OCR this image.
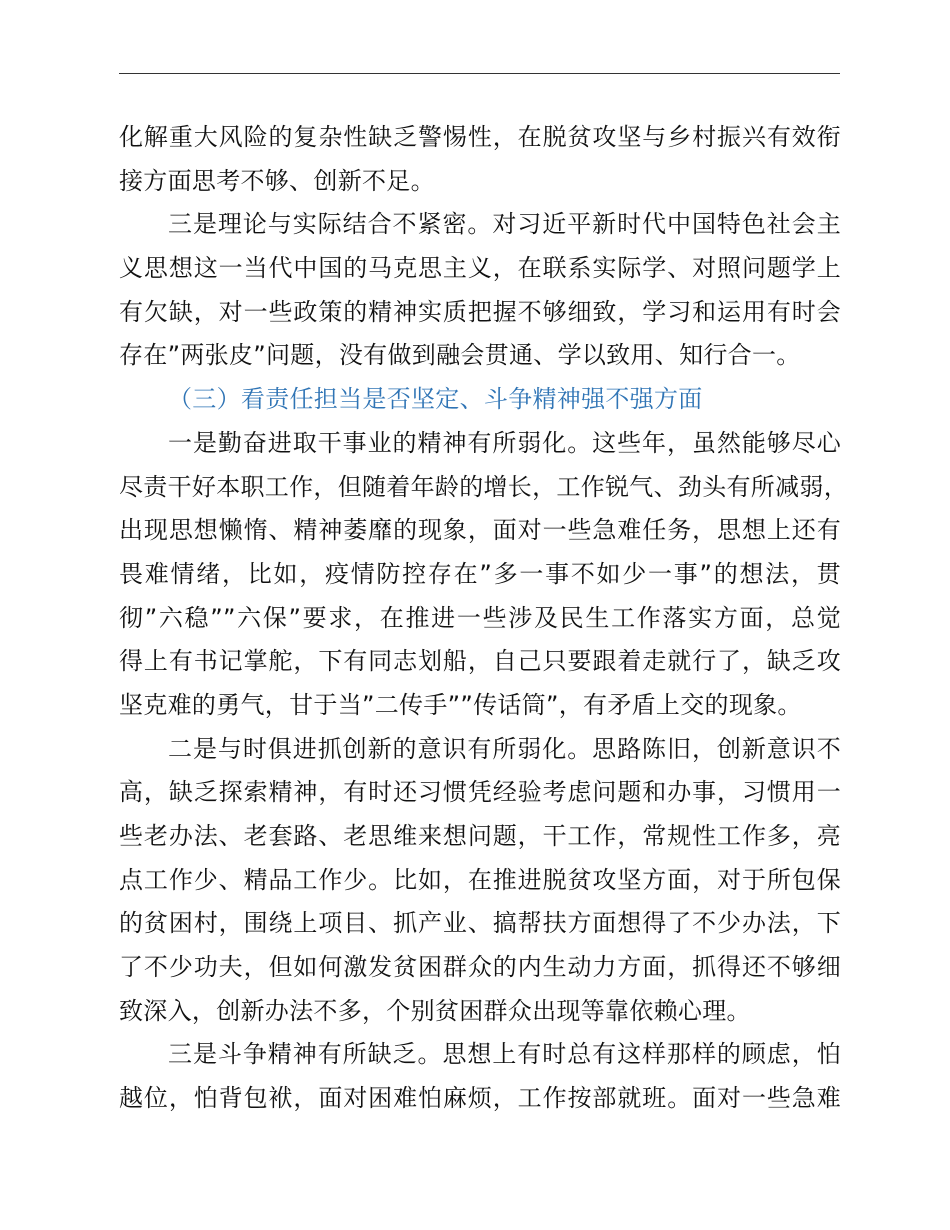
化解重大风险的复杂性缺乏警惕性，在脱贫攻坚与乡村振兴有效衔
接方面思考不够、创新不足。
三是理论与实际结合不紧密。对习近平新时代中国特色社会主
义思想这一当代中国的马克思主义，在联系实际学、对照问题学上
有欠缺，对一些政策的精神实质把握不够细致，学习和运用有时会
存在”两张皮”问题，没有做到融会贯通、学以致用、知行合一。
（三）看责任担当是否坚定、斗争精神强不强方面
一是勤奋进取干事业的精神有所弱化。这些年，虽然能够尽心
尽责干好本职工作，但随着年龄的增长，工作锐气、劲头有所减弱，
出现思想懒惰、精神萎靡的现象，面对一些急难任务，思想上还有
畏难情绪，比如，疫情防控存在”多一事不如少一事”的想法，贯
彻”六稳””六保”要求，在推进一些涉及民生工作落实方面，总觉
得上有书记掌舵，下有同志划船，自己只要跟着走就行了，缺乏攻
坚克难的勇气，甘于当”二传手””传话筒”，有矛盾上交的现象。
二是与时俱进抓创新的意识有所弱化。思路陈旧，创新意识不
高，缺乏探索精神，有时还习惯凭经验考虑问题和办事，习惯用一
些老办法、老套路、老思维来想问题，干工作，常规性工作多，亮
点工作少、精品工作少。比如，在推进脱贫攻坚方面，对于所包保
的贫困村，围绕上项目、抓产业、搞帮扶方面想得了不少办法，下
了不少功夫，但如何激发贫困群众的内生动力方面，抓得还不够细
致深入，创新办法不多，个别贫困群众出现等靠依赖心理。
三是斗争精神有所缺乏。思想上有时总有这样那样的顾虑，怕
越位，怕背包袱，面对困难怕麻烦，工作按部就班。面对一些急难
